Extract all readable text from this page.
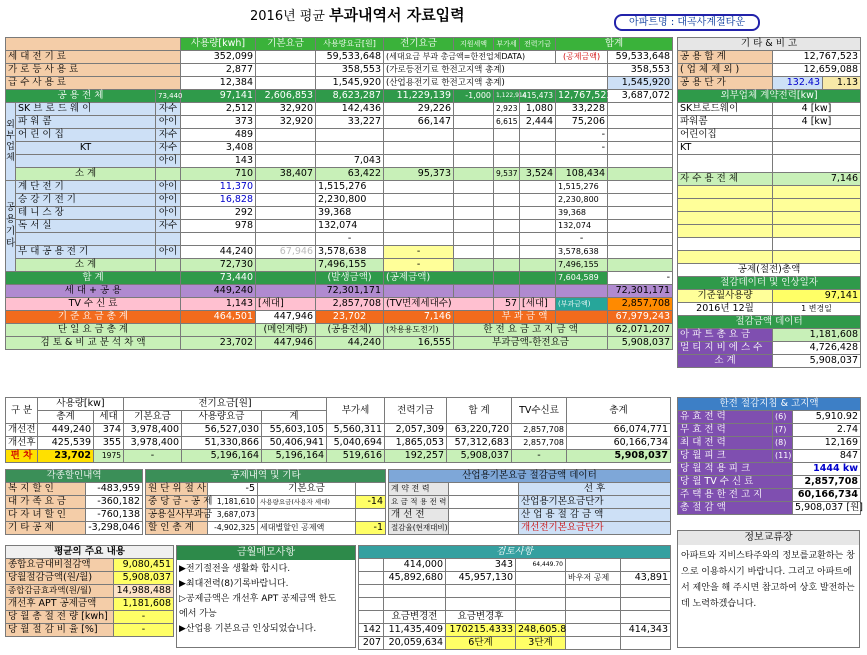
2016년 평균 부과내역서 자료입력	아파트명 : 대곡사계절타운
			사용량[kwh]	기본요금	사용량요금[원]	전기요금	지원세액	부가세	전력기금	합계	
세 대 전 기 료			352,099		59,533,648	(세대요금 부과 총금액=한전업체DATA)				(공제금액)	59,533,648
가 로 등 사 용 료			2,877		358,553	(가로등전기료 한전고지액 총계)					358,553
급 수 사 용 료			12,384		1,545,920	(산업용전기료 한전고지액 총계)					1,545,920
공 용 전 체		73,440	97,141	2,606,853	8,623,287	11,229,139	-1,000	1,122,914	415,473	12,767,523	3,687,072
외부업체	SK 브 로 드 웨 이	자수	2,512	32,920	142,436	29,226		2,923	1,080	33,228	
	파 워 콤	아이	373	32,920	33,227	66,147		6,615	2,444	75,206	
	어 린 이 집	자수	489							-	
	KT	자수	3,408							-	
		아이	143		7,043						
	소 계		710	38,407	63,422	95,373		9,537	3,524	108,434	
공용기타	계 단 전 기	아이	11,370		1,515,276					1,515,276	
	승 강 기 전 기	아이	16,828		2,230,800					2,230,800	
	테 니 스 장	아이	292		39,368					39,368	
	독 서 실	자수	978		132,074					132,074	
					-					-	
	부 대 공 용 전 기	아이	44,240	67,946	3,578,638	-				3,578,638	
	소 계		72,730		7,496,155	-				7,496,155	
합 계			73,440		(발생금액)	(공제금액)				7,604,589	-
세 대 + 공 용			449,240		72,301,171						72,301,171
TV 수 신 료			1,143	[세대]	2,857,708	(TV면제세대수)		57	[세대]	(부과금액)	2,857,708
기 준 요 금 총 계			464,501	447,946	23,702	7,146		부 과 금 액			67,979,243
단 일 요 금 총 계				(메인계량)	(공용전체)	(차용용도전기)	한 전 요 금 고 지 금 액				62,071,207
검 토 & 비 교 분 석 차 액			23,702	447,946	44,240	16,555	부과금액-한전요금				5,908,037
기 타 & 비 고		
공 용 합 계	12,767,523	
( 업 체 제 외 )	12,659,088	
공 용 단 가	132.43	1.13
외부업체 계약전력[kw]		
SK브로드웨이	4 [kw]	
파워콤	4 [kw]	
어린이집		
KT		

자 수 용 전 체	7,146	

공제(절전)총액		
절감데이터 및 인상일자		
기준월사용량	97,141	
2016년 12월	1 변경일	
절감금액 데이터		
아 파 트 총 요 금	1,181,608	
멀 티 지 비 에 스 수	4,726,428	
소 계	5,908,037	
구 분	사용량[kw]		전기요금[원]			부가세	전력기금	합 계	TV수신료	총계
	총계	세대	기본요금	사용량요금	계					
개선전	449,240	374	3,978,400	56,527,030	55,603,105	5,560,311	2,057,309	63,220,720	2,857,708	66,074,771
개선후	425,539	355	3,978,400	51,330,866	50,406,941	5,040,694	1,865,053	57,312,683	2,857,708	60,166,734
편 차	23,702	1975	-	5,196,164	5,196,164	519,616	192,257	5,908,037	-	5,908,037
각종할인내역	
복 지 할 인	-483,959
대 가 족 요 금	-360,182
다 자 녀 할 인	-760,138
기 타 공 제	-3,298,046
공제내역 및 기타			
원 단 위 절 사	-5	기본요금	
중 당 금 - 공 제	1,181,610	사용량요금(사용자 세대)	-14
공용실사부과금	3,687,073		
할 인 총 계	-4,902,325	세대별할인 공제액	-1
산업용기본요금 절감금액 데이터		
계 약 전 력		선 후
요 금 적 용 전 력		산업용기본요금단가
개 선 전		산 업 용 절 감 금 액
절감율(현재대비)		개선전기본요금단가
한전 절감지침 & 고지액		
유 효 전 력	(6)	5,910.92
무 효 전 력	(7)	2.74
최 대 전 력	(8)	12,169
당 월 피 크	(11)	847
당 월 적 용 피 크		1444 kw
당 월 TV 수 신 료		2,857,708
주 택 용 한 전 고 지		60,166,734
총 절 감 액		5,908,037 [원]
평균의 주요 내용	
종합요금대비절감액	9,080,451
당월절감금액(원/월)	5,908,037
종합감금효과액(원/월)	14,988,488
개선후 APT 공제금액	1,181,608
당 월 총 절 전 량 [kwh]	-
당 월 절 감 비 율 [%]	-
금월메모사항
▶전기절전을 생활화 합시다.
▶최대전력(8)기록바랍니다.
▷공제금액은 개선후 APT 공제금액 한도
에서 가능
▶산업용 기본요금 인상되었습니다.
검토사항					
	414,000	343	64,449.70		
	45,892,680	45,957,130		바우저 공제	43,891

	요금변경전	요금변경후			
142	11,435,409	170215.4333	248,605.8		414,343
207	20,059,634	6단계	3단계		
정보교류장
아파트와 지비스타주와의 정보를교환하는 창으로 이용하시기 바랍니다. 그리고 아파트에서 제안을 해 주시면 참고하여 상호 발전하는데 노력하겠습니다.
